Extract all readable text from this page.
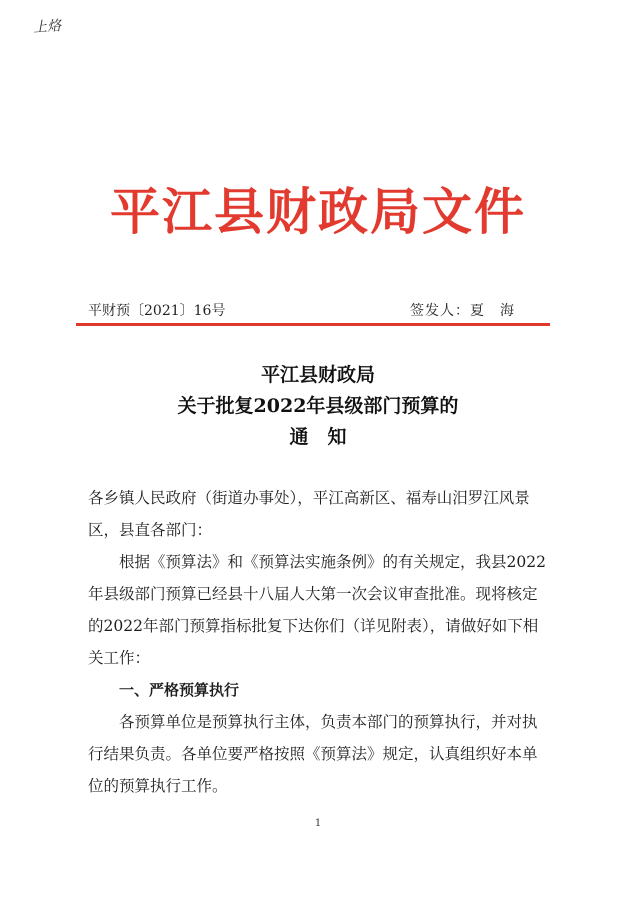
上烙
平江县财政局文件
平财预〔2021〕16号	签发人：夏　海
平江县财政局
关于批复2022年县级部门预算的
通　知

各乡镇人民政府（街道办事处），平江高新区、福寿山汨罗江风景区，县直各部门：

根据《预算法》和《预算法实施条例》的有关规定，我县2022年县级部门预算已经县十八届人大第一次会议审查批准。现将核定的2022年部门预算指标批复下达你们（详见附表），请做好如下相关工作：

一、严格预算执行

各预算单位是预算执行主体，负责本部门的预算执行，并对执行结果负责。各单位要严格按照《预算法》规定，认真组织好本单位的预算执行工作。

1
